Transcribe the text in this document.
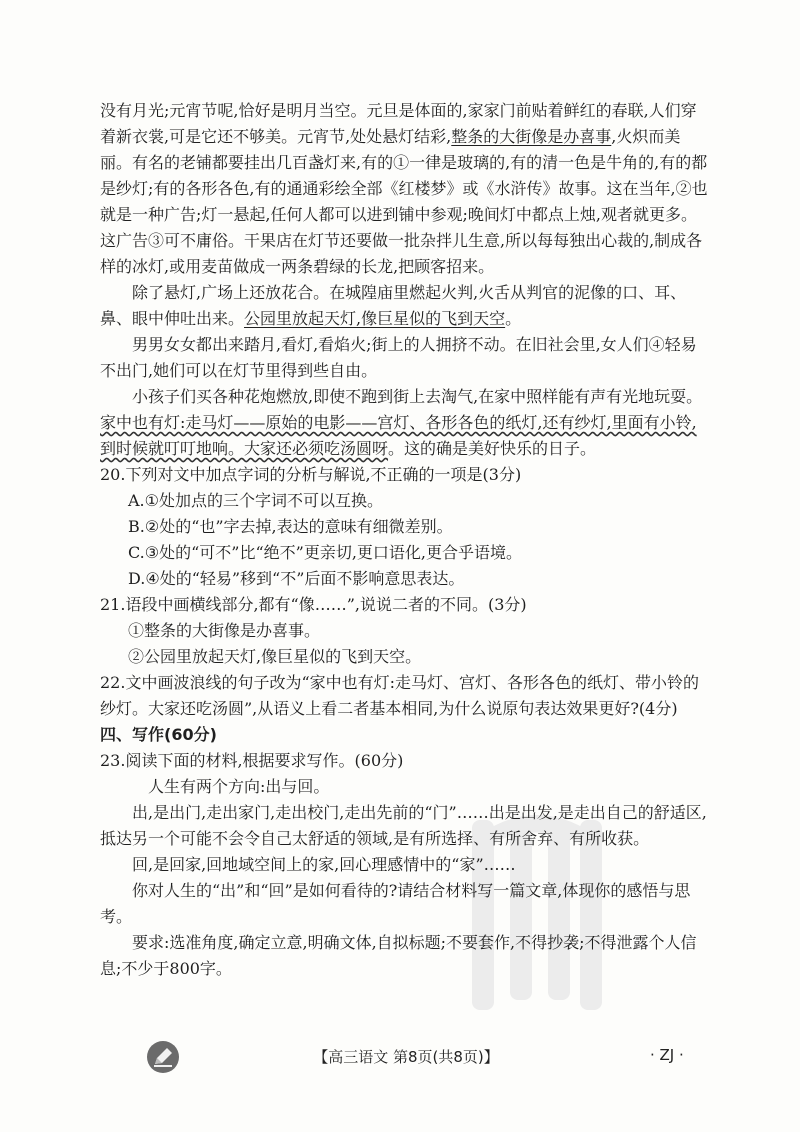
没有月光;元宵节呢,恰好是明月当空。元旦是体面的,家家门前贴着鲜红的春联,人们穿着新衣裳,可是它还不够美。元宵节,处处悬灯结彩,整条的大街像是办喜事,火炽而美丽。有名的老铺都要挂出几百盏灯来,有的①一律是玻璃的,有的清一色是牛角的,有的都是纱灯;有的各形各色,有的通通彩绘全部《红楼梦》或《水浒传》故事。这在当年,②也就是一种广告;灯一悬起,任何人都可以进到铺中参观;晚间灯中都点上烛,观者就更多。这广告③可不庸俗。干果店在灯节还要做一批杂拌儿生意,所以每每独出心裁的,制成各样的冰灯,或用麦苗做成一两条碧绿的长龙,把顾客招来。

除了悬灯,广场上还放花合。在城隍庙里燃起火判,火舌从判官的泥像的口、耳、鼻、眼中伸吐出来。公园里放起天灯,像巨星似的飞到天空。

男男女女都出来踏月,看灯,看焰火;街上的人拥挤不动。在旧社会里,女人们④轻易不出门,她们可以在灯节里得到些自由。

小孩子们买各种花炮燃放,即使不跑到街上去淘气,在家中照样能有声有光地玩耍。家中也有灯:走马灯——原始的电影——宫灯、各形各色的纸灯,还有纱灯,里面有小铃,到时候就叮叮地响。大家还必须吃汤圆呀。这的确是美好快乐的日子。

20.下列对文中加点字词的分析与解说,不正确的一项是(3分)

A.①处加点的三个字词不可以互换。

B.②处的“也”字去掉,表达的意味有细微差别。

C.③处的“可不”比“绝不”更亲切,更口语化,更合乎语境。

D.④处的“轻易”移到“不”后面不影响意思表达。

21.语段中画横线部分,都有“像……”,说说二者的不同。(3分)

①整条的大街像是办喜事。

②公园里放起天灯,像巨星似的飞到天空。

22.文中画波浪线的句子改为“家中也有灯:走马灯、宫灯、各形各色的纸灯、带小铃的纱灯。大家还吃汤圆”,从语义上看二者基本相同,为什么说原句表达效果更好?(4分)

四、写作(60分)

23.阅读下面的材料,根据要求写作。(60分)

人生有两个方向:出与回。

出,是出门,走出家门,走出校门,走出先前的“门”……出是出发,是走出自己的舒适区,抵达另一个可能不会令自己太舒适的领域,是有所选择、有所舍弃、有所收获。

回,是回家,回地域空间上的家,回心理感情中的“家”……

你对人生的“出”和“回”是如何看待的?请结合材料写一篇文章,体现你的感悟与思考。

要求:选准角度,确定立意,明确文体,自拟标题;不要套作,不得抄袭;不得泄露个人信息;不少于800字。

【高三语文 第8页(共8页)】	· ZJ ·
